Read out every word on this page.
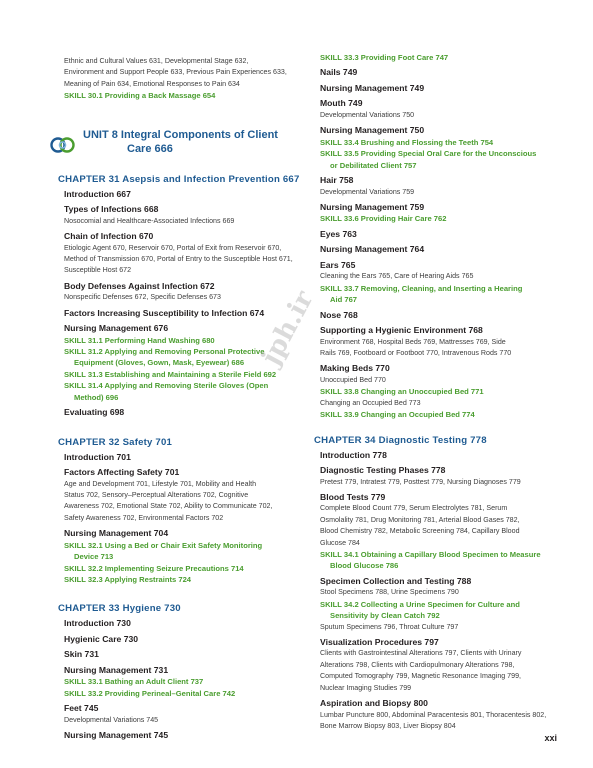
Ethnic and Cultural Values 631, Developmental Stage 632,
Environment and Support People 633, Previous Pain Experiences 633,
Meaning of Pain 634, Emotional Responses to Pain 634
SKILL 30.1 Providing a Back Massage 654
UNIT 8 Integral Components of Client
Care 666
CHAPTER 31 Asepsis and Infection Prevention 667
Introduction 667
Types of Infections 668
Nosocomial and Healthcare-Associated Infections 669
Chain of Infection 670
Etiologic Agent 670, Reservoir 670, Portal of Exit from Reservoir 670,
Method of Transmission 670, Portal of Entry to the Susceptible Host 671,
Susceptible Host 672
Body Defenses Against Infection 672
Nonspecific Defenses 672, Specific Defenses 673
Factors Increasing Susceptibility to Infection 674
Nursing Management 676
SKILL 31.1 Performing Hand Washing 680
SKILL 31.2 Applying and Removing Personal Protective
Equipment (Gloves, Gown, Mask, Eyewear) 686
SKILL 31.3 Establishing and Maintaining a Sterile Field 692
SKILL 31.4 Applying and Removing Sterile Gloves (Open
Method) 696
Evaluating 698
CHAPTER 32 Safety 701
Introduction 701
Factors Affecting Safety 701
Age and Development 701, Lifestyle 701, Mobility and Health
Status 702, Sensory–Perceptual Alterations 702, Cognitive
Awareness 702, Emotional State 702, Ability to Communicate 702,
Safety Awareness 702, Environmental Factors 702
Nursing Management 704
SKILL 32.1 Using a Bed or Chair Exit Safety Monitoring
Device 713
SKILL 32.2 Implementing Seizure Precautions 714
SKILL 32.3 Applying Restraints 724
CHAPTER 33 Hygiene 730
Introduction 730
Hygienic Care 730
Skin 731
Nursing Management 731
SKILL 33.1 Bathing an Adult Client 737
SKILL 33.2 Providing Perineal–Genital Care 742
Feet 745
Developmental Variations 745
Nursing Management 745
SKILL 33.3 Providing Foot Care 747
Nails 749
Nursing Management 749
Mouth 749
Developmental Variations 750
Nursing Management 750
SKILL 33.4 Brushing and Flossing the Teeth 754
SKILL 33.5 Providing Special Oral Care for the Unconscious
or Debilitated Client 757
Hair 758
Developmental Variations 759
Nursing Management 759
SKILL 33.6 Providing Hair Care 762
Eyes 763
Nursing Management 764
Ears 765
Cleaning the Ears 765, Care of Hearing Aids 765
SKILL 33.7 Removing, Cleaning, and Inserting a Hearing
Aid 767
Nose 768
Supporting a Hygienic Environment 768
Environment 768, Hospital Beds 769, Mattresses 769, Side
Rails 769, Footboard or Footboot 770, Intravenous Rods 770
Making Beds 770
Unoccupied Bed 770
SKILL 33.8 Changing an Unoccupied Bed 771
Changing an Occupied Bed 773
SKILL 33.9 Changing an Occupied Bed 774
CHAPTER 34 Diagnostic Testing 778
Introduction 778
Diagnostic Testing Phases 778
Pretest 779, Intratest 779, Posttest 779, Nursing Diagnoses 779
Blood Tests 779
Complete Blood Count 779, Serum Electrolytes 781, Serum
Osmolality 781, Drug Monitoring 781, Arterial Blood Gases 782,
Blood Chemistry 782, Metabolic Screening 784, Capillary Blood
Glucose 784
SKILL 34.1 Obtaining a Capillary Blood Specimen to Measure
Blood Glucose 786
Specimen Collection and Testing 788
Stool Specimens 788, Urine Specimens 790
SKILL 34.2 Collecting a Urine Specimen for Culture and
Sensitivity by Clean Catch 792
Sputum Specimens 796, Throat Culture 797
Visualization Procedures 797
Clients with Gastrointestinal Alterations 797, Clients with Urinary
Alterations 798, Clients with Cardiopulmonary Alterations 798,
Computed Tomography 799, Magnetic Resonance Imaging 799,
Nuclear Imaging Studies 799
Aspiration and Biopsy 800
Lumbar Puncture 800, Abdominal Paracentesis 801, Thoracentesis 802,
Bone Marrow Biopsy 803, Liver Biopsy 804
jph.ir
xxi
